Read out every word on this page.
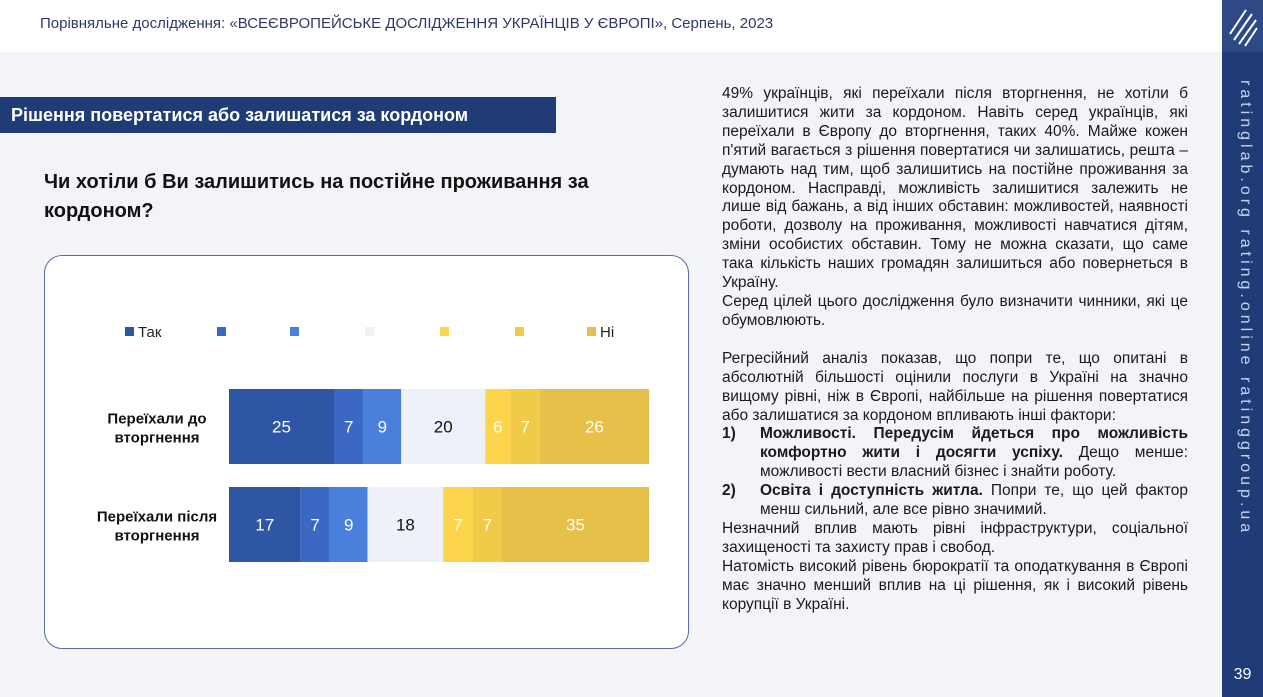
Порівняльне дослідження: «ВСЕЄВРОПЕЙСЬКЕ ДОСЛІДЖЕННЯ УКРАЇНЦІВ У ЄВРОПІ», Серпень, 2023
ratinglab.org rating.online ratinggroup.ua
39
Рішення повертатися або залишатися за кордоном
Чи хотіли б Ви залишитись на постійне проживання за кордоном?
Так	Ні
25	7 9	20 6 7	26
Переїхали до
вторгнення
17 7 9	18 7 7	35
Переїхали після
вторгнення

49% українців, які переїхали після вторгнення, не хотіли б залишитися жити за кордоном. Навіть серед українців, які переїхали в Європу до вторгнення, таких 40%. Майже кожен п'ятий вагається з рішення повертатися чи залишатись, решта – думають над тим, щоб залишитись на постійне проживання за кордоном. Насправді, можливість залишитися залежить не лише від бажань, а від інших обставин: можливостей, наявності роботи, дозволу на проживання, можливості навчатися дітям, зміни особистих обставин. Тому не можна сказати, що саме така кількість наших громадян залишиться або повернеться в Україну.

Серед цілей цього дослідження було визначити чинники, які це обумовлюють.

Регресійний аналіз показав, що попри те, що опитані в абсолютній більшості оцінили послуги в Україні на значно вищому рівні, ніж в Європі, найбільше на рішення повертатися або залишатися за кордоном впливають інші фактори:

1) Можливості. Передусім йдеться про можливість комфортно жити і досягти успіху. Дещо менше: можливості вести власний бізнес і знайти роботу.
2) Освіта і доступність житла. Попри те, що цей фактор менш сильний, але все рівно значимий.

Незначний вплив мають рівні інфраструктури, соціальної захищеності та захисту прав і свобод.

Натомість високий рівень бюрократії та оподаткування в Європі має значно менший вплив на ці рішення, як і високий рівень корупції в Україні.
